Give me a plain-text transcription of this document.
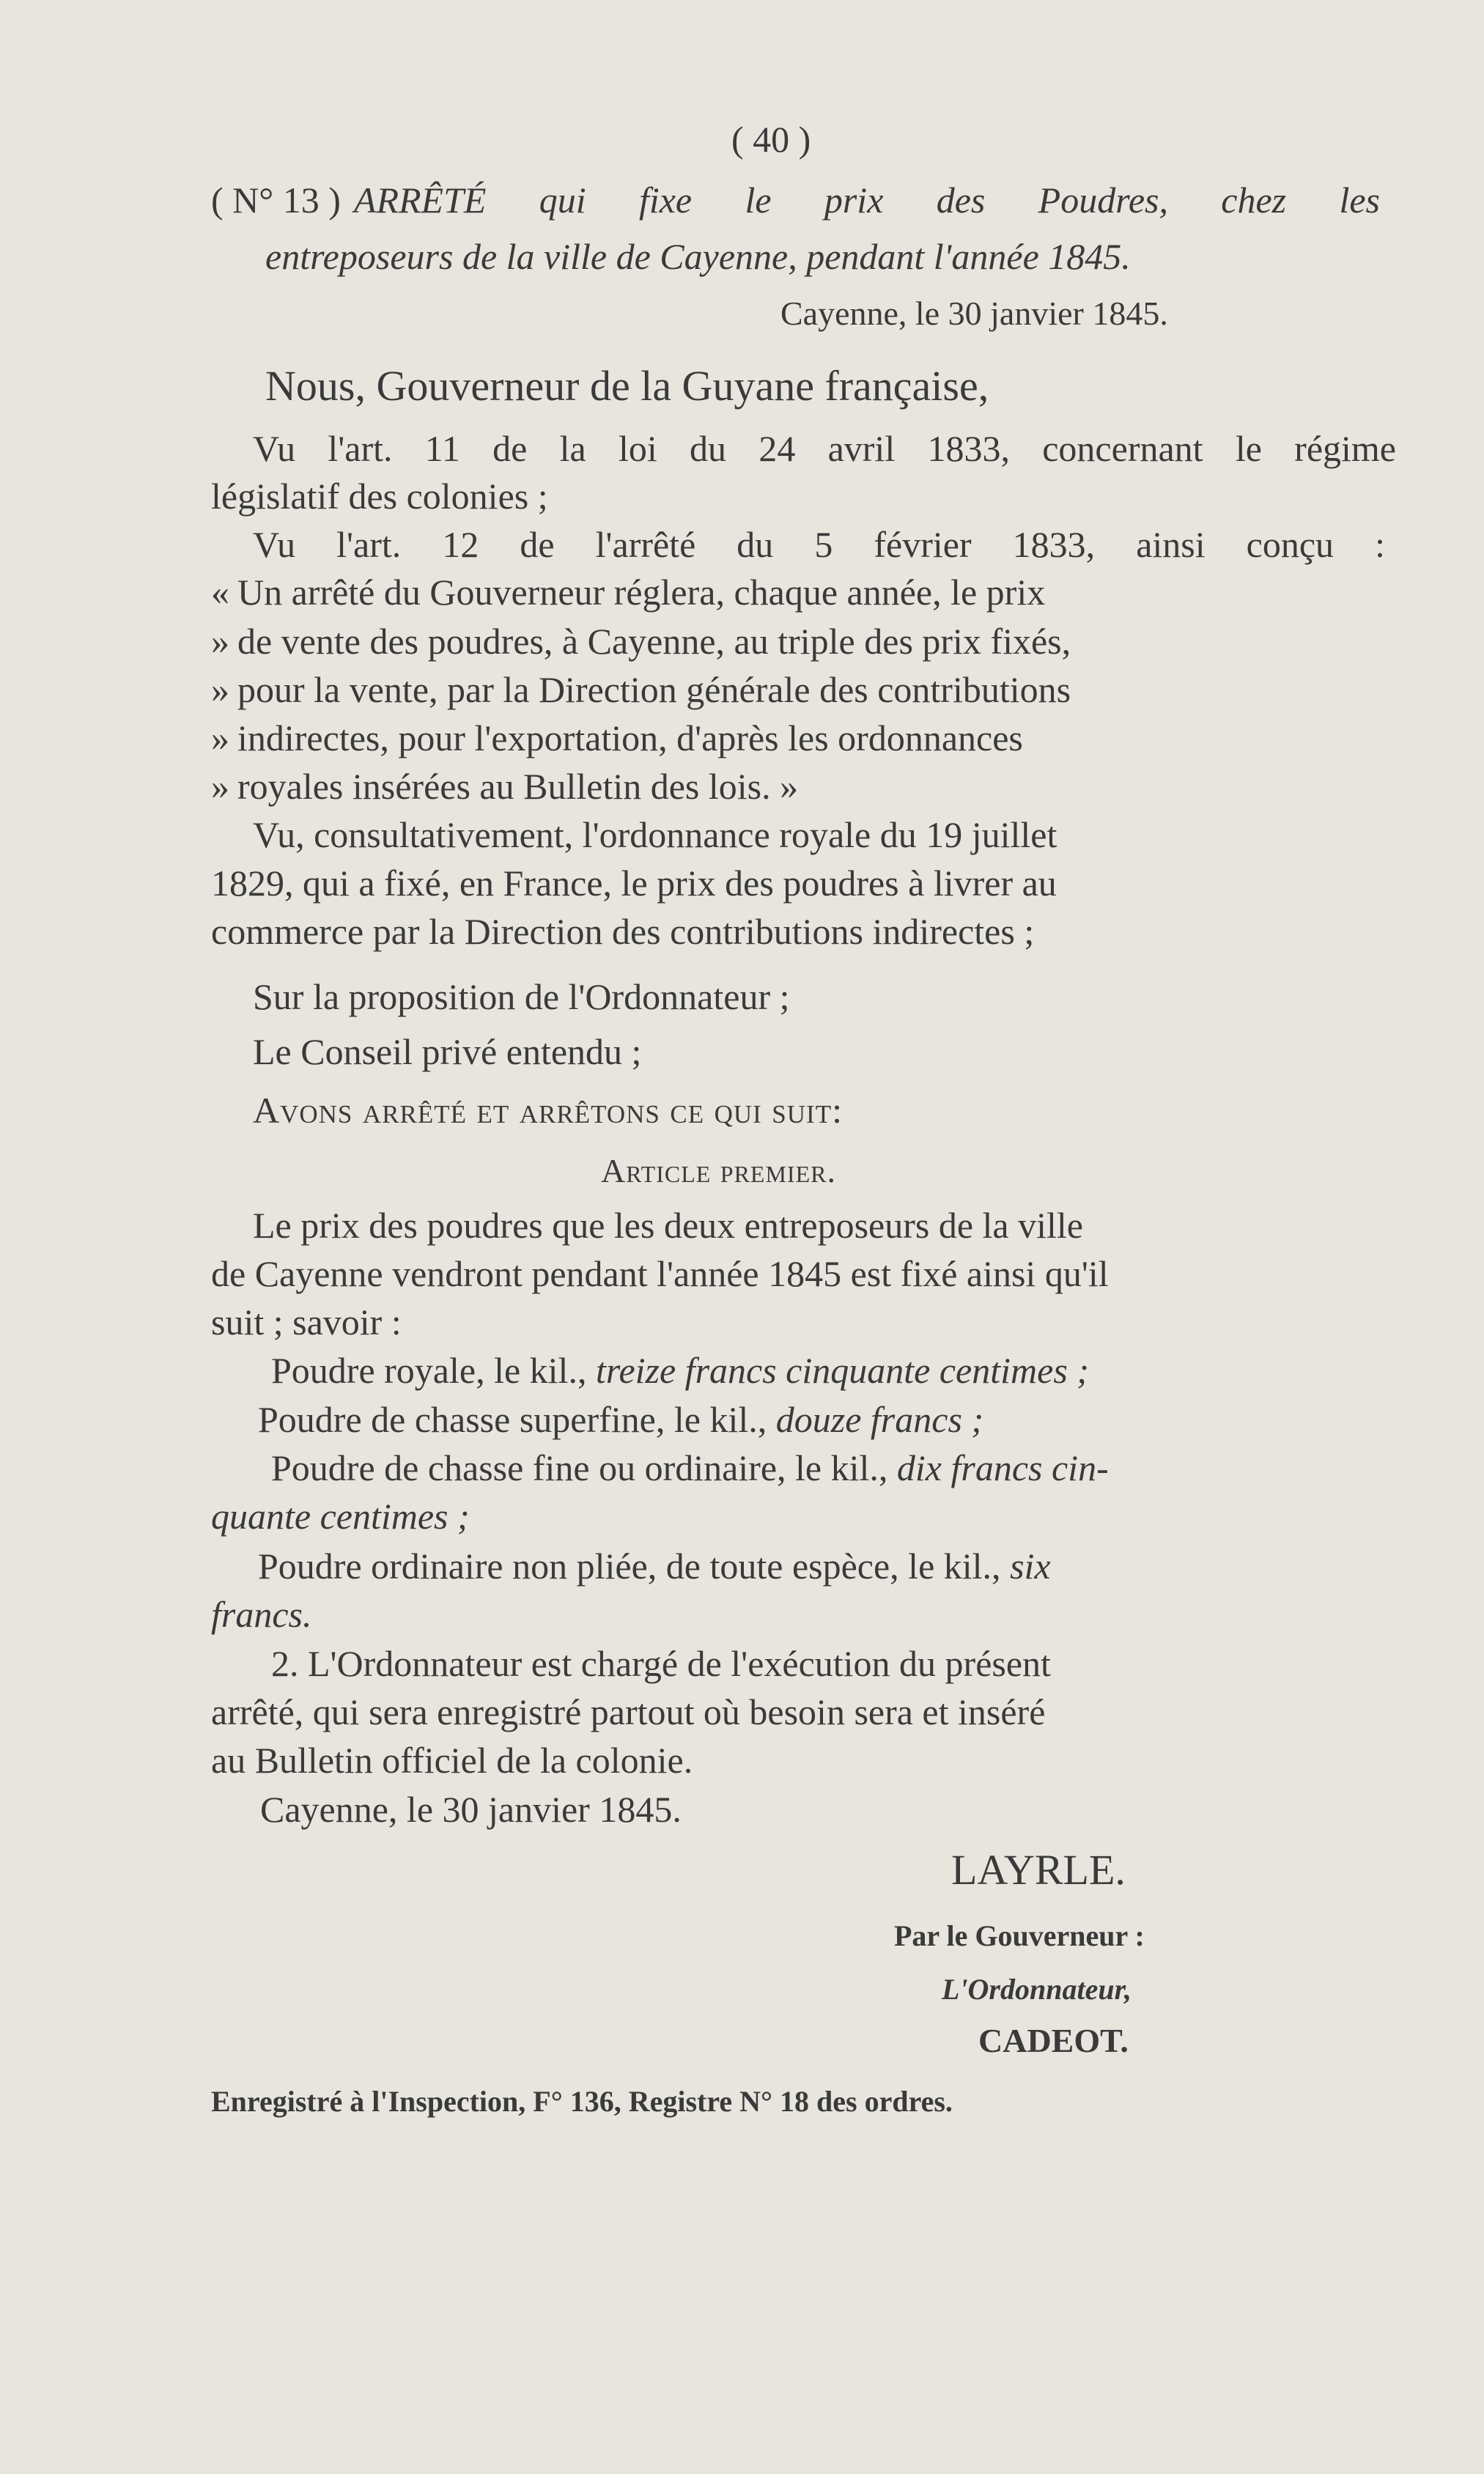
( 40 )
( N° 13 ) ARRÊTÉ qui fixe le prix des Poudres, chez les
entreposeurs de la ville de Cayenne, pendant l'année 1845.
Cayenne, le 30 janvier 1845.
Nous, Gouverneur de la Guyane française,
Vu l'art. 11 de la loi du 24 avril 1833, concernant le régime
législatif des colonies ;
Vu l'art. 12 de l'arrêté du 5 février 1833, ainsi conçu :
« Un arrêté du Gouverneur réglera, chaque année, le prix
» de vente des poudres, à Cayenne, au triple des prix fixés,
» pour la vente, par la Direction générale des contributions
» indirectes, pour l'exportation, d'après les ordonnances
» royales insérées au Bulletin des lois. »
Vu, consultativement, l'ordonnance royale du 19 juillet
1829, qui a fixé, en France, le prix des poudres à livrer au
commerce par la Direction des contributions indirectes ;
Sur la proposition de l'Ordonnateur ;
Le Conseil privé entendu ;
Avons arrêté et arrêtons ce qui suit:
Article premier.
Le prix des poudres que les deux entreposeurs de la ville
de Cayenne vendront pendant l'année 1845 est fixé ainsi qu'il
suit ; savoir :
Poudre royale, le kil., treize francs cinquante centimes ;
Poudre de chasse superfine, le kil., douze francs ;
Poudre de chasse fine ou ordinaire, le kil., dix francs cin-
quante centimes ;
Poudre ordinaire non pliée, de toute espèce, le kil., six
francs.
2. L'Ordonnateur est chargé de l'exécution du présent
arrêté, qui sera enregistré partout où besoin sera et inséré
au Bulletin officiel de la colonie.
Cayenne, le 30 janvier 1845.
LAYRLE.
Par le Gouverneur :
L'Ordonnateur,
CADEOT.
Enregistré à l'Inspection, F° 136, Registre N° 18 des ordres.
